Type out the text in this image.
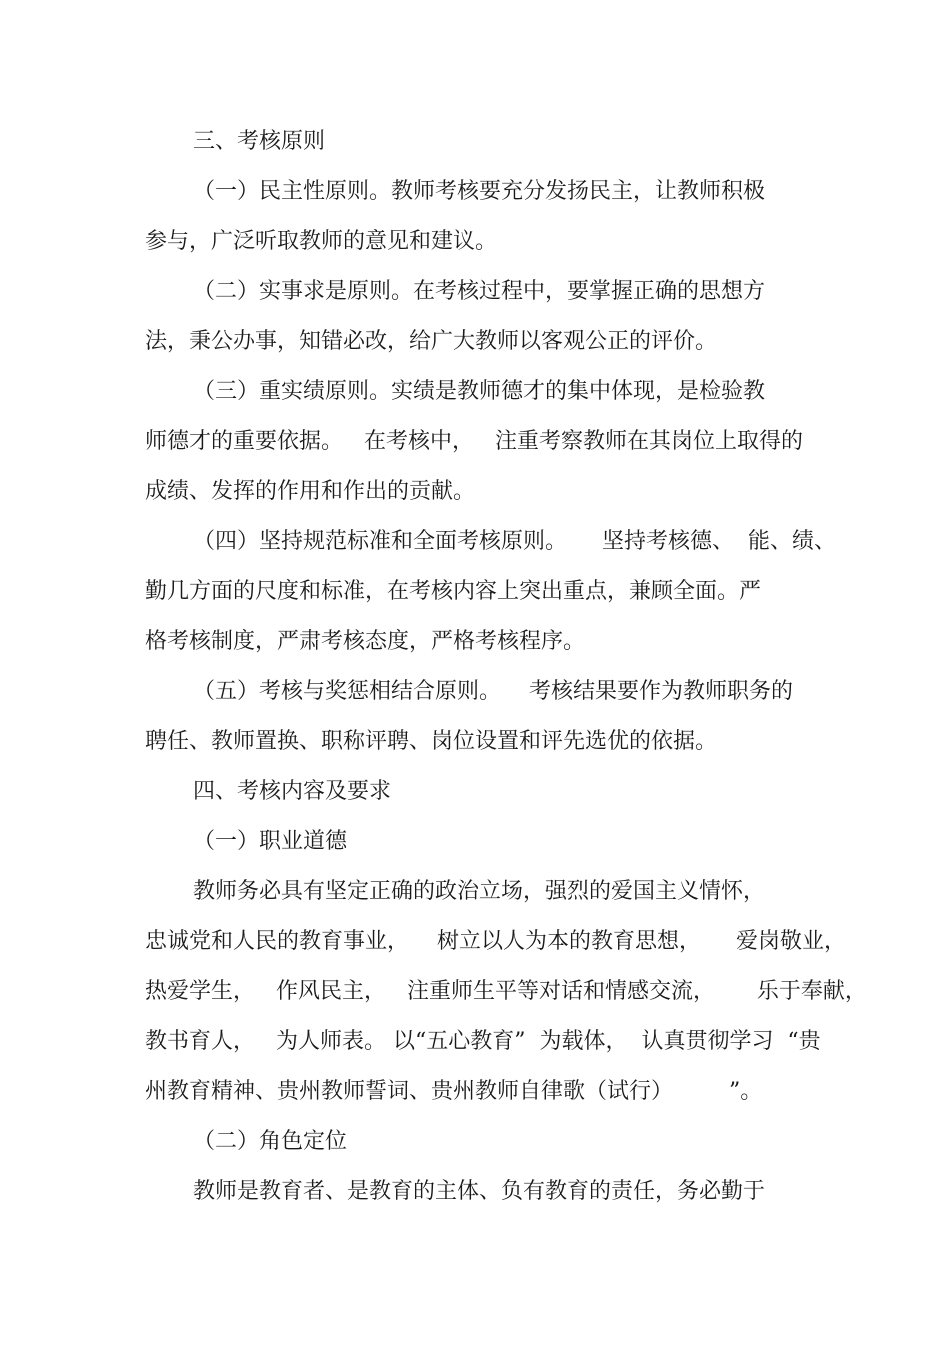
三、考核原则
（一）民主性原则。教师考核要充分发扬民主，让教师积极
参与，广泛听取教师的意见和建议。
（二）实事求是原则。在考核过程中，要掌握正确的思想方
法，秉公办事，知错必改，给广大教师以客观公正的评价。
（三）重实绩原则。实绩是教师德才的集中体现，是检验教
师德才的重要依据。   在考核中，   注重考察教师在其岗位上取得的
成绩、发挥的作用和作出的贡献。
（四）坚持规范标准和全面考核原则。     坚持考核德、  能、绩、
勤几方面的尺度和标准，在考核内容上突出重点，兼顾全面。严
格考核制度，严肃考核态度，严格考核程序。
（五）考核与奖惩相结合原则。    考核结果要作为教师职务的
聘任、教师置换、职称评聘、岗位设置和评先选优的依据。
四、考核内容及要求
（一）职业道德
教师务必具有坚定正确的政治立场，强烈的爱国主义情怀，
忠诚党和人民的教育事业，    树立以人为本的教育思想，     爱岗敬业，
热爱学生，   作风民主，   注重师生平等对话和情感交流，      乐于奉献，
教书育人，   为人师表。 以“五心教育”  为载体，  认真贯彻学习  “贵
州教育精神、贵州教师誓词、贵州教师自律歌（试行）        ”。
（二）角色定位
教师是教育者、是教育的主体、负有教育的责任，务必勤于
